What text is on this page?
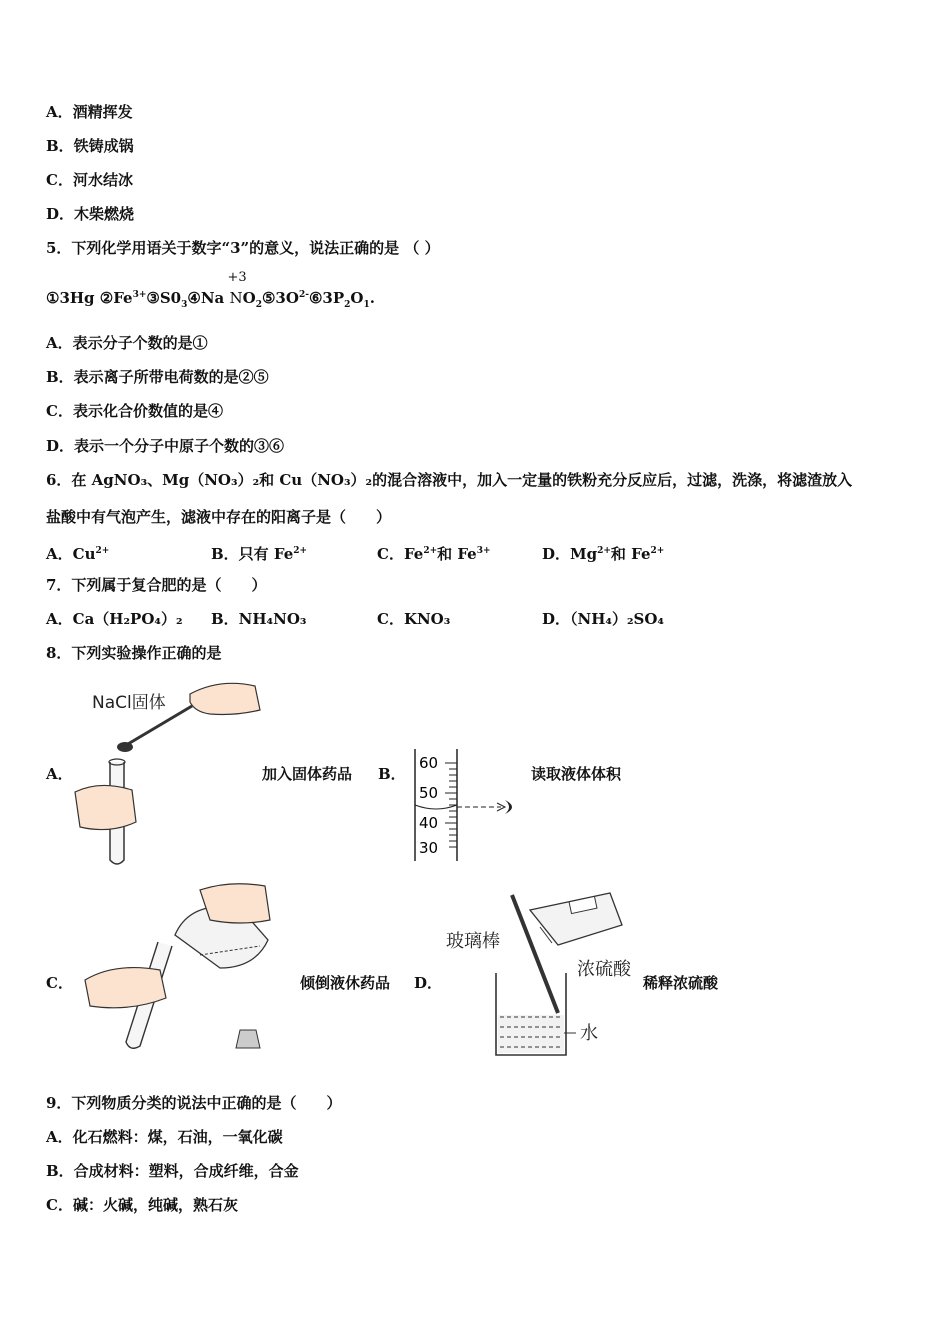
A．酒精挥发
B．铁铸成锅
C．河水结冰
D．木柴燃烧
5．下列化学用语关于数字“3”的意义，说法正确的是 （ ）
①3Hg $②Fe^{3+}③S0_3④Na$
+3
$NO_2⑤3O^{2-}⑥3P_2O_1$.
A．表示分子个数的是①
B．表示离子所带电荷数的是②⑤
C．表示化合价数值的是④
D．表示一个分子中原子个数的③⑥
6．在 AgNO₃、Mg（NO₃）₂和 Cu（NO₃）₂的混合溶液中，加入一定量的铁粉充分反应后，过滤，洗涤，将滤渣放入
盐酸中有气泡产生，滤液中存在的阳离子是（　　）
A．$Cu^{2+}$	B．只有 $Fe^{2+}$	C．$Fe^{2+}$和 $Fe^{3+}$	D．$Mg^{2+}$和 $Fe^{2+}$
7．下列属于复合肥的是（　　）
A．Ca（H₂PO₄）₂ B．NH₄NO₃	C．KNO₃	D．（NH₄）₂SO₄
8．下列实验操作正确的是
A．
NaCl固体
加入固体药品 B．
60
50
40
30
读取液体体积
C．	倾倒液休药品 D．
玻璃棒
浓硫酸
水
稀释浓硫酸
9．下列物质分类的说法中正确的是（　　）
A．化石燃料：煤，石油，一氧化碳
B．合成材料：塑料，合成纤维，合金
C．碱：火碱，纯碱，熟石灰
